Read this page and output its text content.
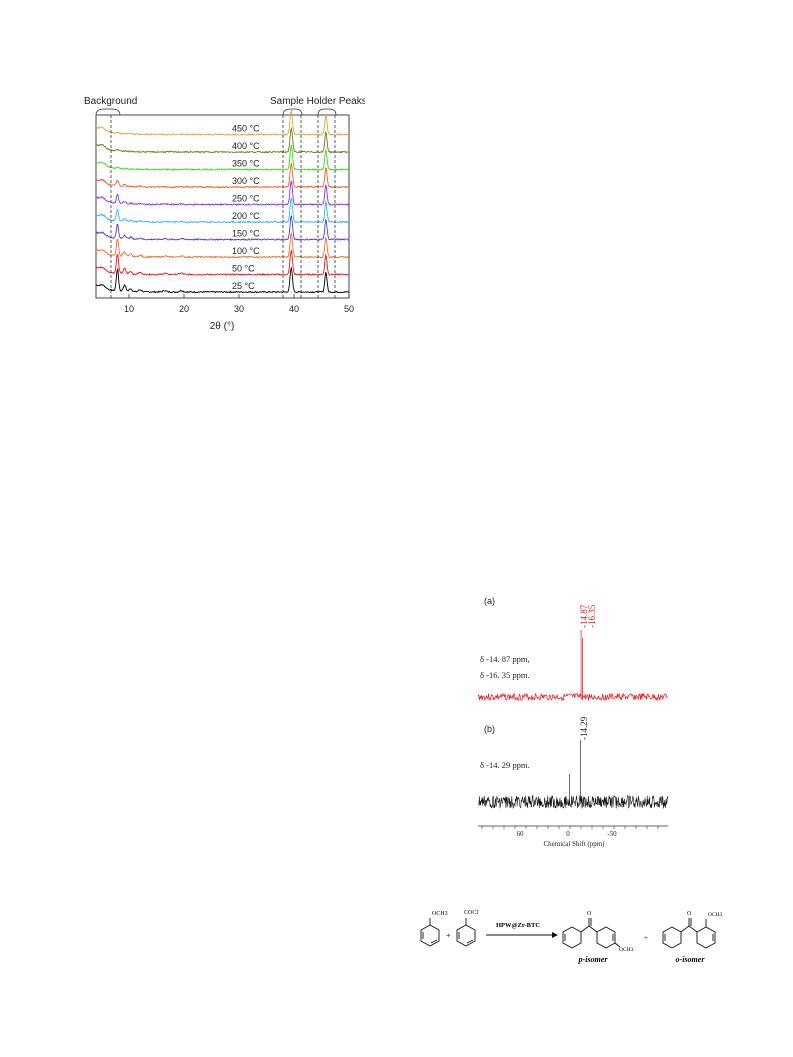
Background	Sample Holder Peaks
25 °C
50 °C
100 °C
150 °C
200 °C
250 °C
300 °C
350 °C
400 °C
450 °C
10	20	30	40	50
2θ (°)
(a)
-14.87
-16.35
δ -14. 87 ppm,
δ -16. 35 ppm.
(b)	-14.29
δ -14. 29 ppm.
60	0	-50
Chemical Shift (ppm)
OCH3
+
COCl
HPW@Zr-BTC
O
OCH3
p-isomer
+
O	OCH3
o-isomer
